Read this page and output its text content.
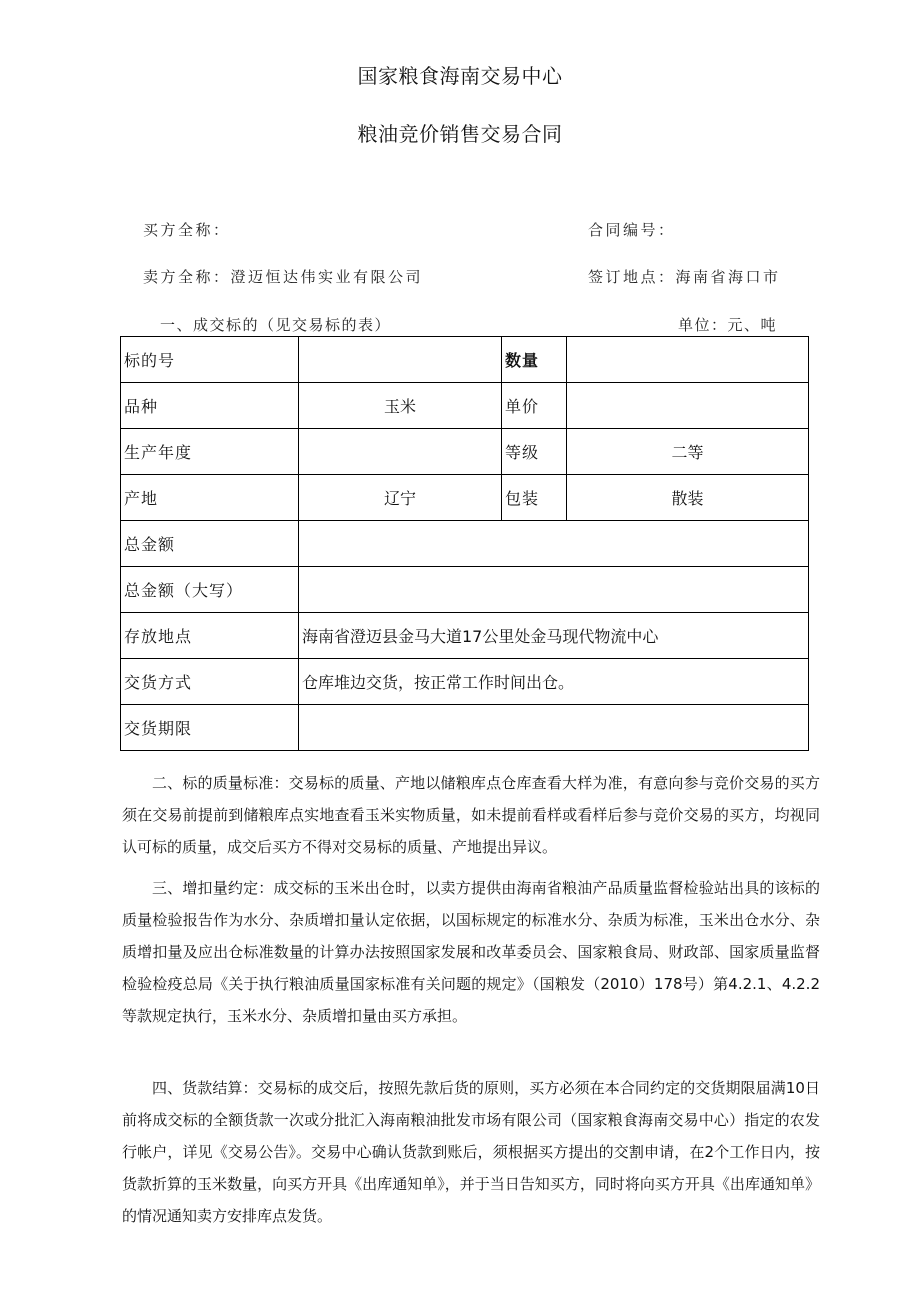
国家粮食海南交易中心
粮油竞价销售交易合同
买方全称：	合同编号：
卖方全称：澄迈恒达伟实业有限公司	签订地点：海南省海口市
一、成交标的（见交易标的表）	单位：元、吨
标的号		数量	
品种	玉米	单价	
生产年度		等级	二等
产地	辽宁	包装	散装
总金额			
总金额（大写）			
存放地点	海南省澄迈县金马大道17公里处金马现代物流中心		
交货方式	仓库堆边交货，按正常工作时间出仓。		
交货期限			
二、标的质量标准：交易标的质量、产地以储粮库点仓库查看大样为准，有意向参与竞价交易的买方须在交易前提前到储粮库点实地查看玉米实物质量，如未提前看样或看样后参与竞价交易的买方，均视同认可标的质量，成交后买方不得对交易标的质量、产地提出异议。
三、增扣量约定：成交标的玉米出仓时，以卖方提供由海南省粮油产品质量监督检验站出具的该标的质量检验报告作为水分、杂质增扣量认定依据，以国标规定的标准水分、杂质为标准，玉米出仓水分、杂质增扣量及应出仓标准数量的计算办法按照国家发展和改革委员会、国家粮食局、财政部、国家质量监督检验检疫总局《关于执行粮油质量国家标准有关问题的规定》（国粮发（2010）178号）第4.2.1、4.2.2等款规定执行，玉米水分、杂质增扣量由买方承担。
四、货款结算：交易标的成交后，按照先款后货的原则，买方必须在本合同约定的交货期限届满10日前将成交标的全额货款一次或分批汇入海南粮油批发市场有限公司（国家粮食海南交易中心）指定的农发行帐户，详见《交易公告》。交易中心确认货款到账后，须根据买方提出的交割申请，在2个工作日内，按货款折算的玉米数量，向买方开具《出库通知单》，并于当日告知买方，同时将向买方开具《出库通知单》的情况通知卖方安排库点发货。
